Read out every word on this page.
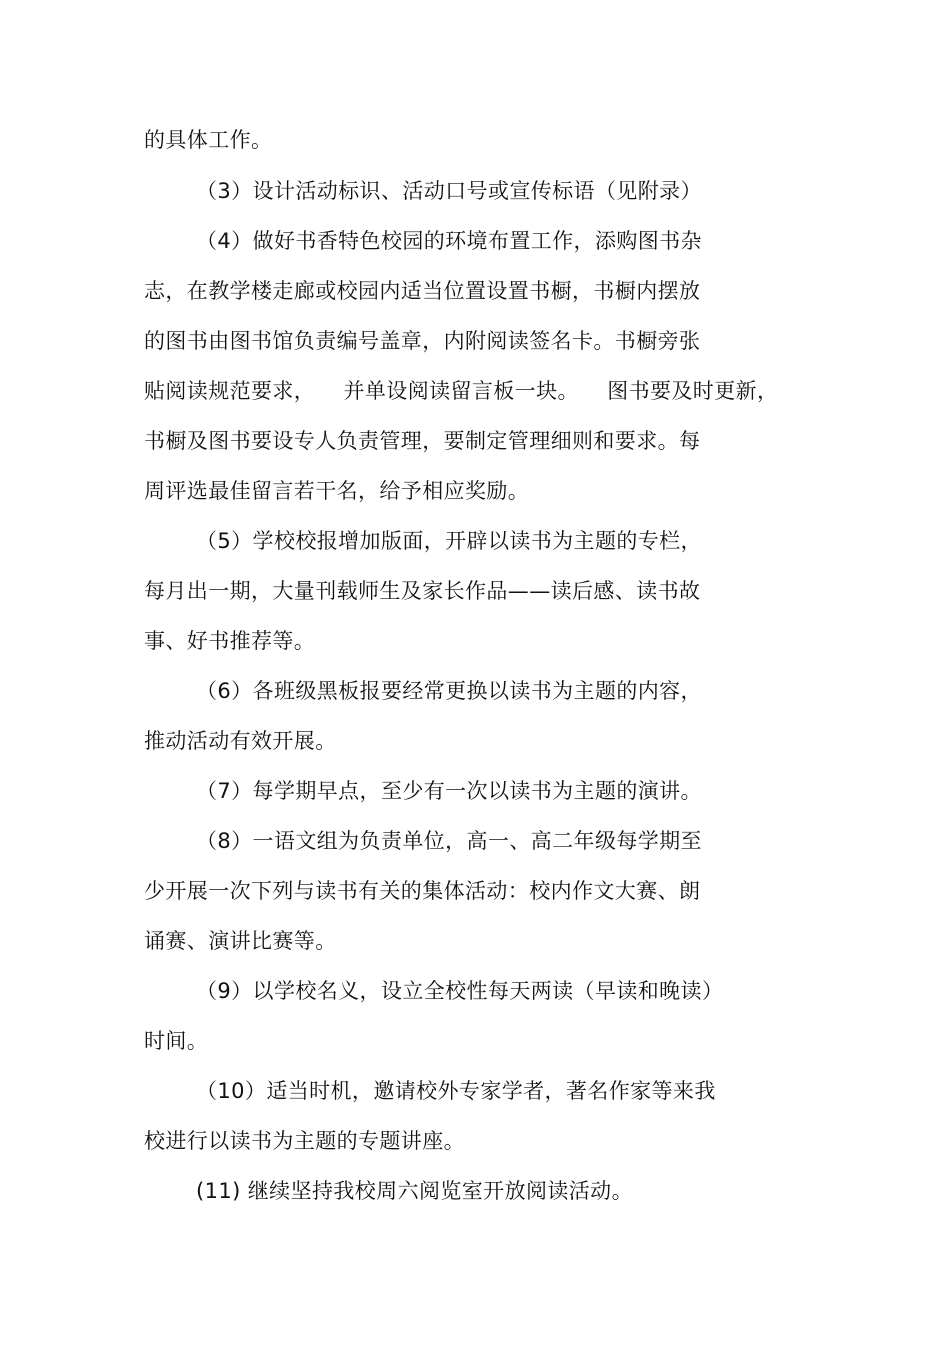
的具体工作。
（3）设计活动标识、活动口号或宣传标语（见附录）
（4）做好书香特色校园的环境布置工作，添购图书杂
志，在教学楼走廊或校园内适当位置设置书橱，书橱内摆放
的图书由图书馆负责编号盖章，内附阅读签名卡。书橱旁张
贴阅读规范要求，    并单设阅读留言板一块。    图书要及时更新，
书橱及图书要设专人负责管理，要制定管理细则和要求。每
周评选最佳留言若干名，给予相应奖励。
（5）学校校报增加版面，开辟以读书为主题的专栏，
每月出一期，大量刊载师生及家长作品——读后感、读书故
事、好书推荐等。
（6）各班级黑板报要经常更换以读书为主题的内容，
推动活动有效开展。
（7）每学期早点，至少有一次以读书为主题的演讲。
（8）一语文组为负责单位，高一、高二年级每学期至
少开展一次下列与读书有关的集体活动：校内作文大赛、朗
诵赛、演讲比赛等。
（9）以学校名义，设立全校性每天两读（早读和晚读）
时间。
（10）适当时机，邀请校外专家学者，著名作家等来我
校进行以读书为主题的专题讲座。
(11) 继续坚持我校周六阅览室开放阅读活动。
